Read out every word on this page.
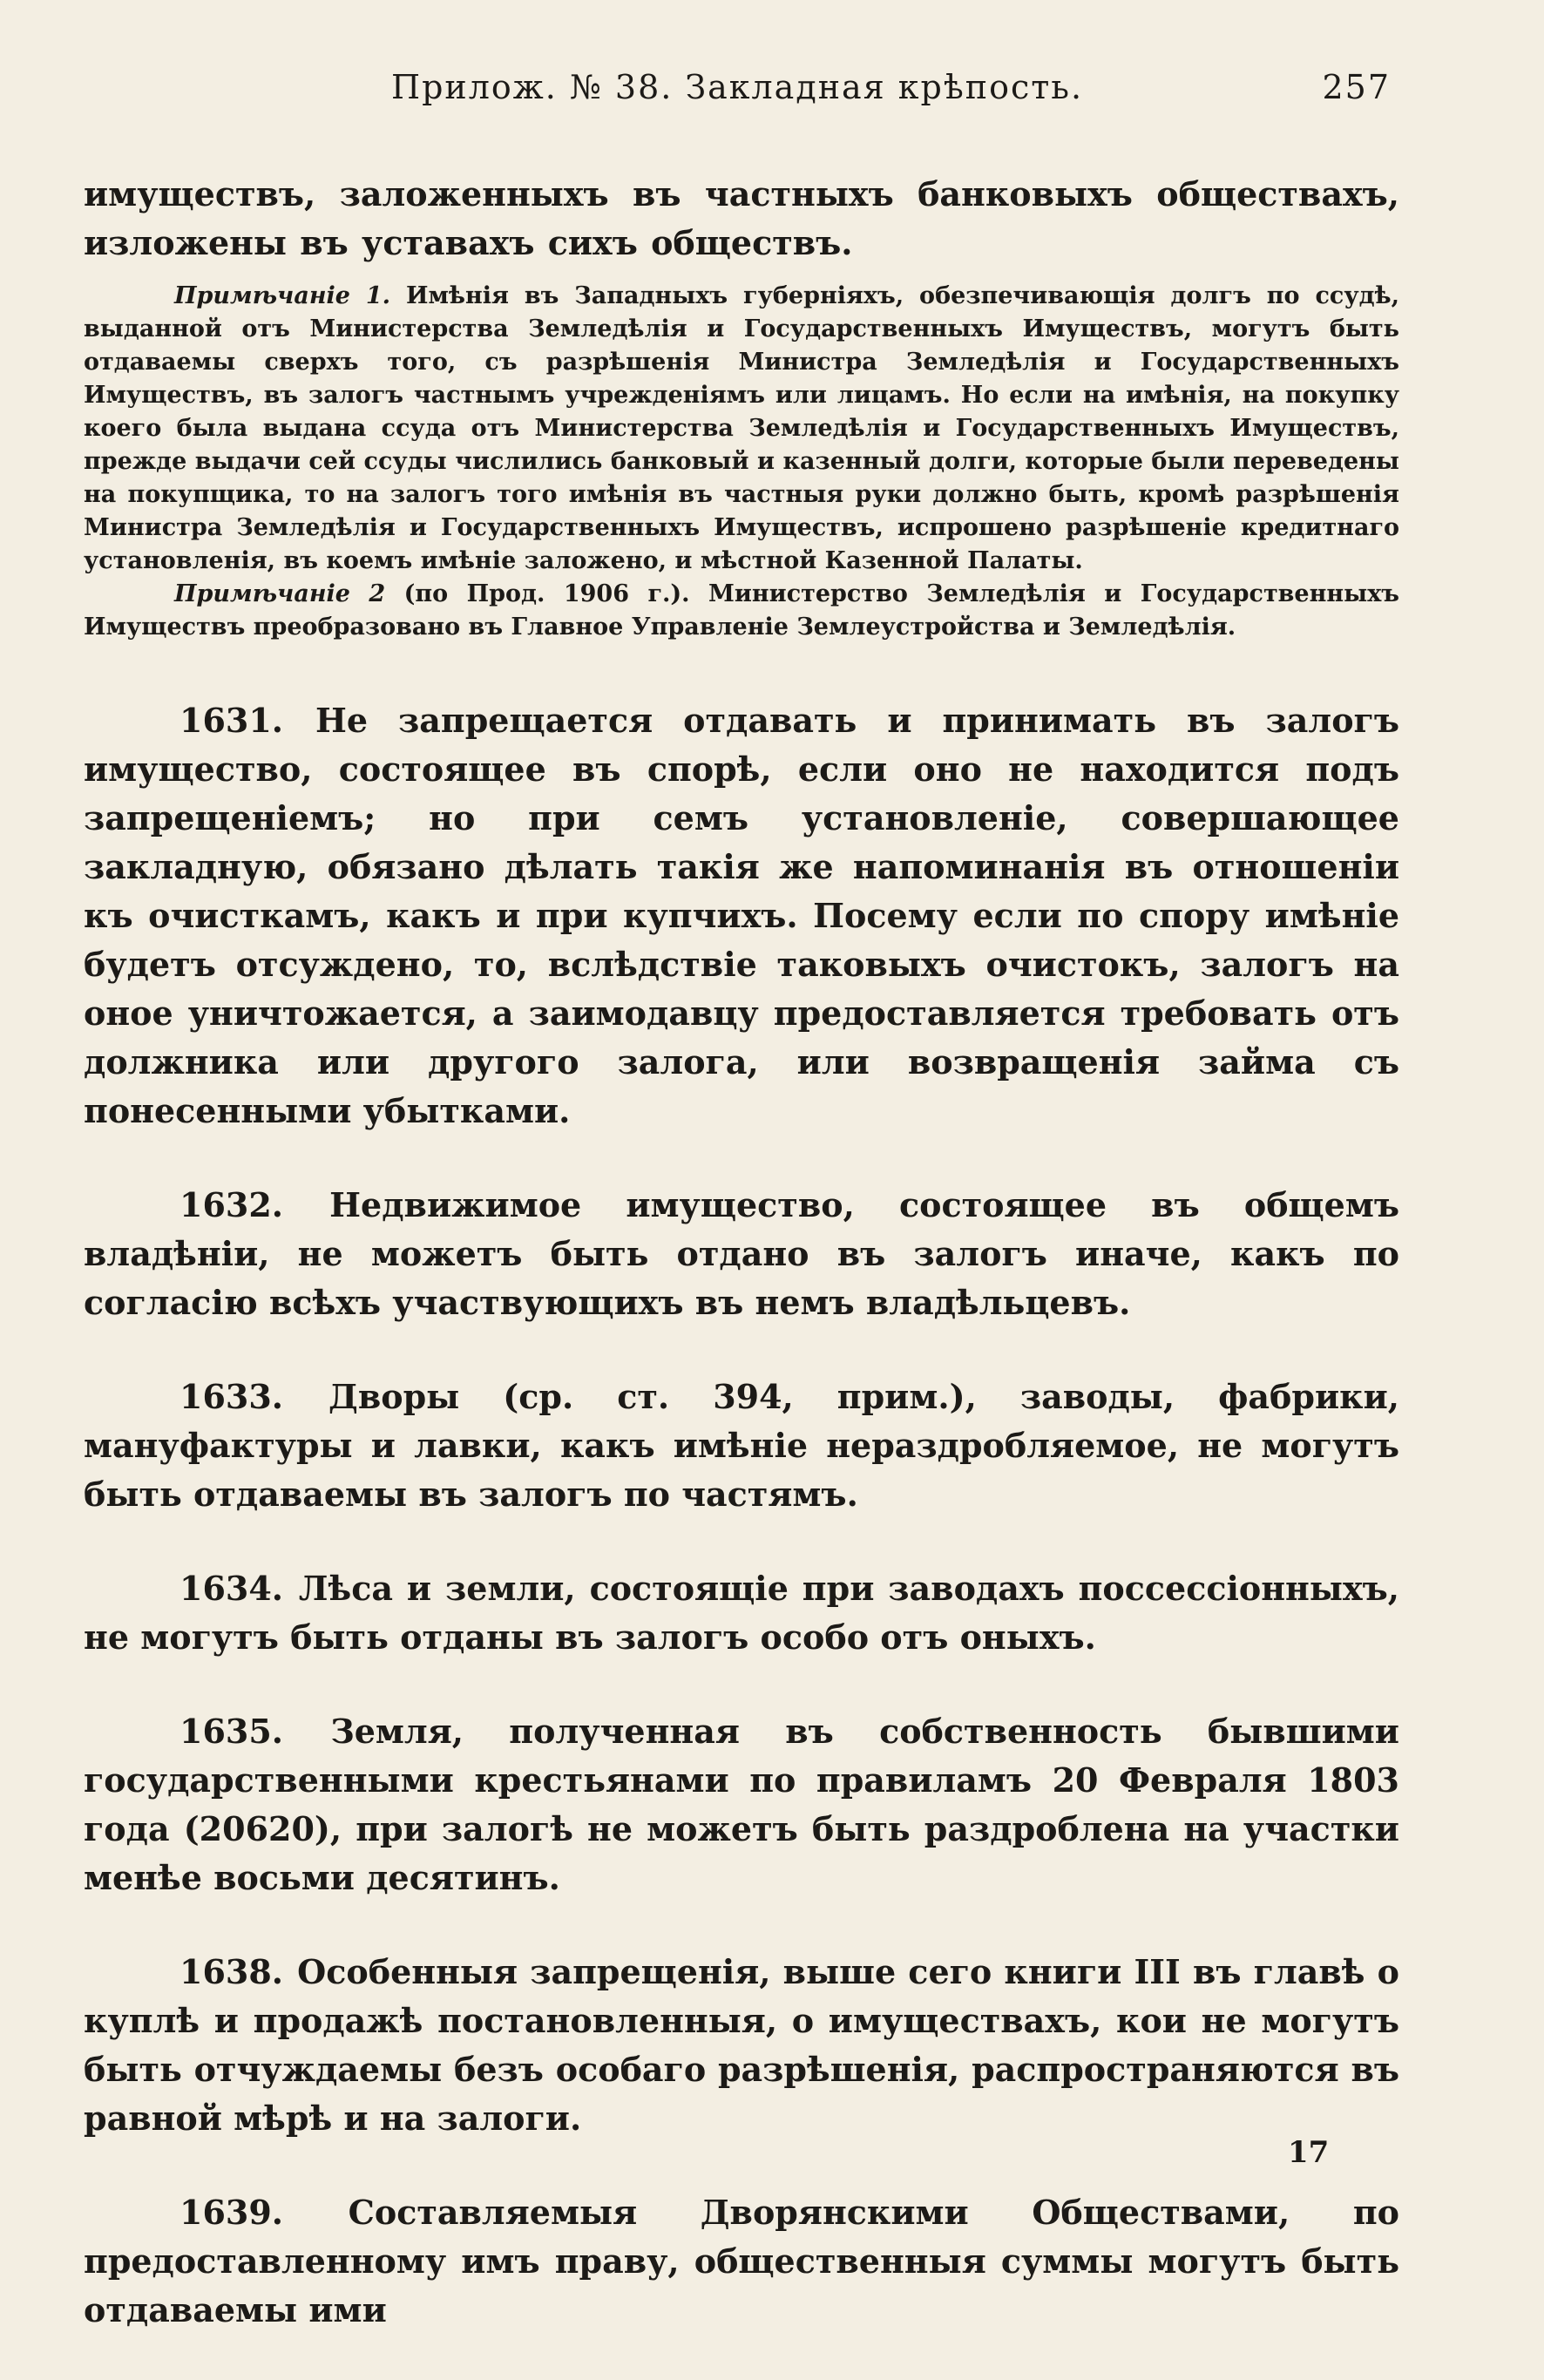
Прилож. № 38. Закладная крѣпость.	257

имуществъ, заложенныхъ въ частныхъ банковыхъ обществахъ, изложены въ уставахъ сихъ обществъ.

Примѣчаніе 1. Имѣнія въ Западныхъ губерніяхъ, обезпечивающія долгъ по ссудѣ, выданной отъ Министерства Земледѣлія и Государственныхъ Имуществъ, могутъ быть отдаваемы сверхъ того, съ разрѣшенія Министра Земледѣлія и Государственныхъ Имуществъ, въ залогъ частнымъ учрежденіямъ или лицамъ. Но если на имѣнія, на покупку коего была выдана ссуда отъ Министерства Земледѣлія и Государственныхъ Имуществъ, прежде выдачи сей ссуды числились банковый и казенный долги, которые были переведены на покупщика, то на залогъ того имѣнія въ частныя руки должно быть, кромѣ разрѣшенія Министра Земледѣлія и Государственныхъ Имуществъ, испрошено разрѣшеніе кредитнаго установленія, въ коемъ имѣніе заложено, и мѣстной Казенной Палаты.

Примѣчаніе 2 (по Прод. 1906 г.). Министерство Земледѣлія и Государственныхъ Имуществъ преобразовано въ Главное Управленіе Землеустройства и Земледѣлія.

1631. Не запрещается отдавать и принимать въ залогъ имущество, состоящее въ спорѣ, если оно не находится подъ запрещеніемъ; но при семъ установленіе, совершающее закладную, обязано дѣлать такія же напоминанія въ отношеніи къ очисткамъ, какъ и при купчихъ. Посему если по спору имѣніе будетъ отсуждено, то, вслѣдствіе таковыхъ очистокъ, залогъ на оное уничтожается, а заимодавцу предоставляется требовать отъ должника или другого залога, или возвращенія займа съ понесенными убытками.

1632. Недвижимое имущество, состоящее въ общемъ владѣніи, не можетъ быть отдано въ залогъ иначе, какъ по согласію всѣхъ участвующихъ въ немъ владѣльцевъ.

1633. Дворы (ср. ст. 394, прим.), заводы, фабрики, мануфактуры и лавки, какъ имѣніе нераздробляемое, не могутъ быть отдаваемы въ залогъ по частямъ.

1634. Лѣса и земли, состоящіе при заводахъ поссессіонныхъ, не могутъ быть отданы въ залогъ особо отъ оныхъ.

1635. Земля, полученная въ собственность бывшими государственными крестьянами по правиламъ 20 Февраля 1803 года (20620), при залогѣ не можетъ быть раздроблена на участки менѣе восьми десятинъ.

1638. Особенныя запрещенія, выше сего книги III въ главѣ о куплѣ и продажѣ постановленныя, о имуществахъ, кои не могутъ быть отчуждаемы безъ особаго разрѣшенія, распространяются въ равной мѣрѣ и на залоги.

1639. Составляемыя Дворянскими Обществами, по предоставленному имъ праву, общественныя суммы могутъ быть отдаваемы ими

17
